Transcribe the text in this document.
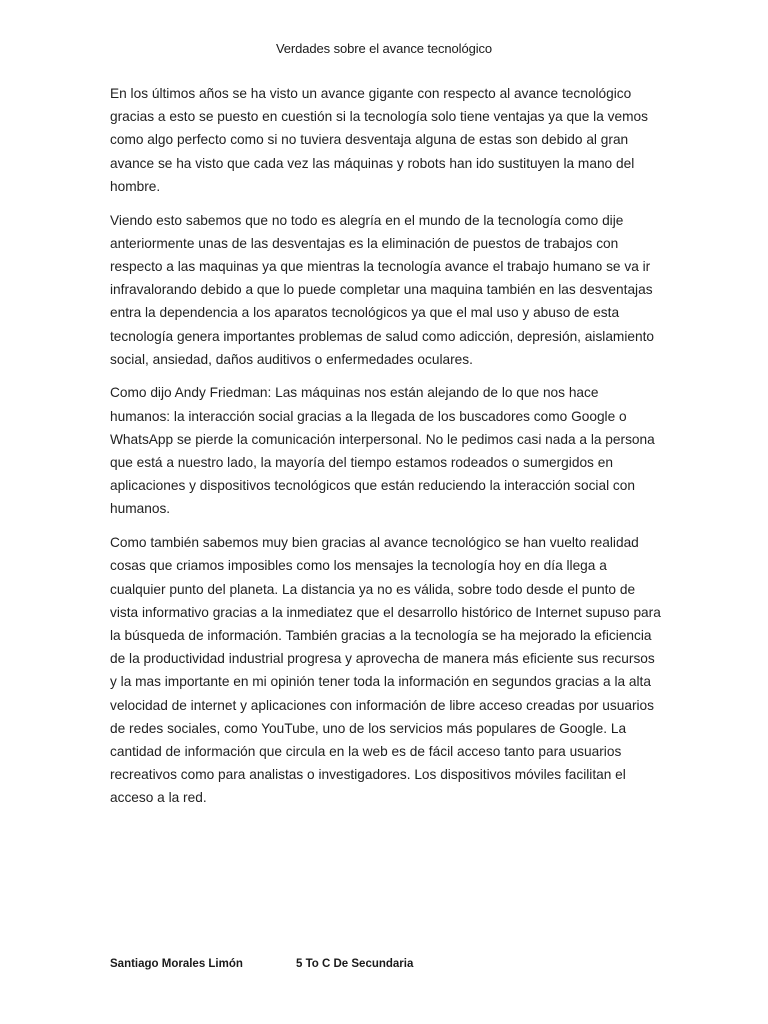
Verdades sobre el avance tecnológico

En los últimos años se ha visto un avance gigante con respecto al avance tecnológico gracias a esto se puesto en cuestión si la tecnología solo tiene ventajas ya que la vemos como algo perfecto como si no tuviera desventaja alguna de estas son debido al gran avance se ha visto que cada vez las máquinas y robots han ido sustituyen la mano del hombre.

Viendo esto sabemos que no todo es alegría en el mundo de la tecnología como dije anteriormente unas de las desventajas es la eliminación de puestos de trabajos con respecto a las maquinas ya que mientras la tecnología avance el trabajo humano se va ir infravalorando debido a que lo puede completar una maquina también en las desventajas entra la dependencia a los aparatos tecnológicos ya que el mal uso y abuso de esta tecnología genera importantes problemas de salud como adicción, depresión, aislamiento social, ansiedad, daños auditivos o enfermedades oculares.

Como dijo Andy Friedman: Las máquinas nos están alejando de lo que nos hace humanos: la interacción social gracias a la llegada de los buscadores como Google o WhatsApp se pierde la comunicación interpersonal. No le pedimos casi nada a la persona que está a nuestro lado, la mayoría del tiempo estamos rodeados o sumergidos en aplicaciones y dispositivos tecnológicos que están reduciendo la interacción social con humanos.

Como también sabemos muy bien gracias al avance tecnológico se han vuelto realidad cosas que criamos imposibles como los mensajes la tecnología hoy en día llega a cualquier punto del planeta. La distancia ya no es válida, sobre todo desde el punto de vista informativo gracias a la inmediatez que el desarrollo histórico de Internet supuso para la búsqueda de información. También gracias a la tecnología se ha mejorado la eficiencia de la productividad industrial progresa y aprovecha de manera más eficiente sus recursos y la mas importante en mi opinión tener toda la información en segundos gracias a la alta velocidad de internet y aplicaciones con información de libre acceso creadas por usuarios de redes sociales, como YouTube, uno de los servicios más populares de Google. La cantidad de información que circula en la web es de fácil acceso tanto para usuarios recreativos como para analistas o investigadores. Los dispositivos móviles facilitan el acceso a la red.

Santiago Morales Limón	5 To C De Secundaria
